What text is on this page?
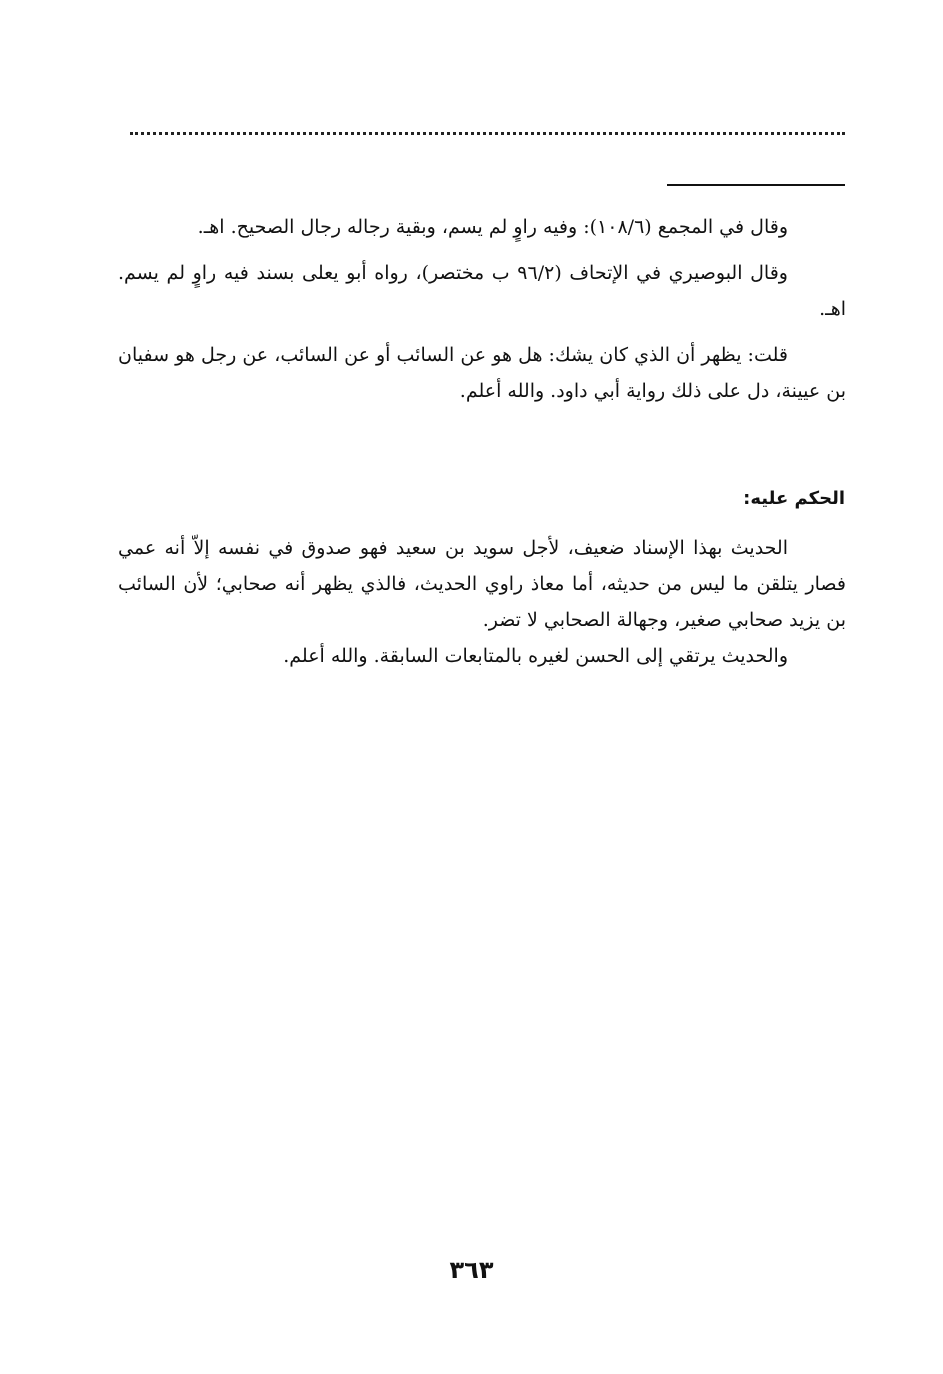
وقال في المجمع (١٠٨/٦): وفيه راوٍ لم يسم، وبقية رجاله رجال الصحيح. اهـ.

وقال البوصيري في الإتحاف (٩٦/٢ ب مختصر)، رواه أبو يعلى بسند فيه راوٍ لم يسم. اهـ.

قلت: يظهر أن الذي كان يشك: هل هو عن السائب أو عن السائب، عن رجل هو سفيان بن عيينة، دل على ذلك رواية أبي داود. والله أعلم.

الحكم عليه:

الحديث بهذا الإسناد ضعيف، لأجل سويد بن سعيد فهو صدوق في نفسه إلاّ أنه عمي فصار يتلقن ما ليس من حديثه، أما معاذ راوي الحديث، فالذي يظهر أنه صحابي؛ لأن السائب بن يزيد صحابي صغير، وجهالة الصحابي لا تضر.

والحديث يرتقي إلى الحسن لغيره بالمتابعات السابقة. والله أعلم.

٣٦٣
